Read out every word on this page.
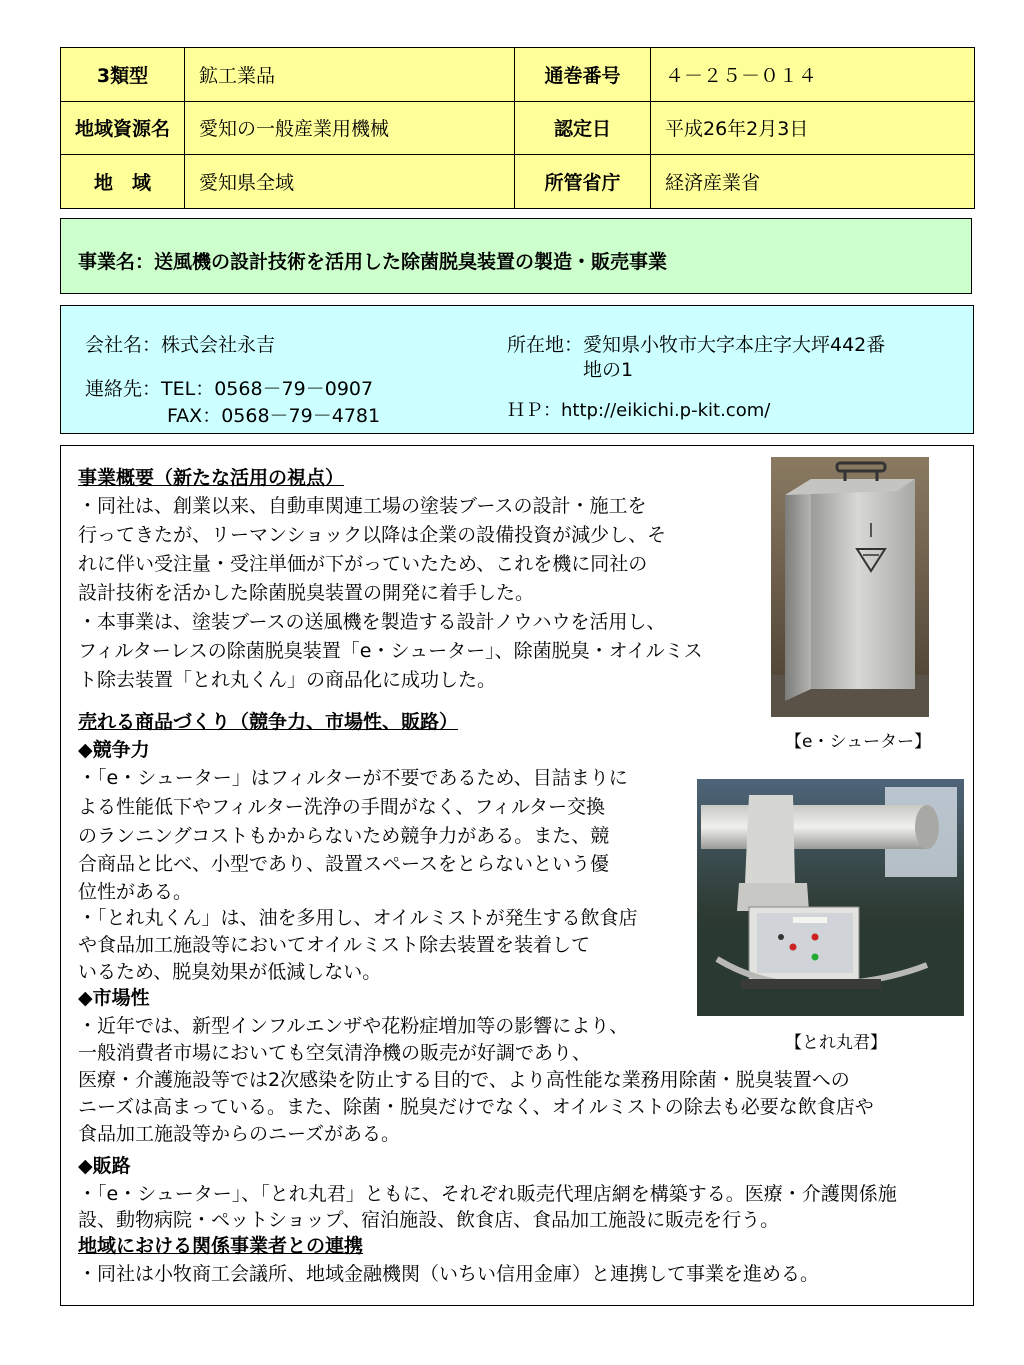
3類型	鉱工業品	通巻番号	４－２５－０１４
地域資源名	愛知の一般産業用機械	認定日	平成26年2月3日
地　域	愛知県全域	所管省庁	経済産業省
事業名：送風機の設計技術を活用した除菌脱臭装置の製造・販売事業
会社名：株式会社永吉
連絡先：TEL：0568－79－0907
FAX：0568－79－4781
所在地：愛知県小牧市大字本庄字大坪442番
地の1
ＨＰ：http://eikichi.p-kit.com/
事業概要（新たな活用の視点）
・同社は、創業以来、自動車関連工場の塗装ブースの設計・施工を
行ってきたが、リーマンショック以降は企業の設備投資が減少し、そ
れに伴い受注量・受注単価が下がっていたため、これを機に同社の
設計技術を活かした除菌脱臭装置の開発に着手した。
・本事業は、塗装ブースの送風機を製造する設計ノウハウを活用し、
フィルターレスの除菌脱臭装置「e・シューター」、除菌脱臭・オイルミス
ト除去装置「とれ丸くん」の商品化に成功した。
売れる商品づくり（競争力、市場性、販路）
◆競争力
・「e・シューター」はフィルターが不要であるため、目詰まりに
よる性能低下やフィルター洗浄の手間がなく、フィルター交換
のランニングコストもかからないため競争力がある。また、競
合商品と比べ、小型であり、設置スペースをとらないという優
位性がある。
・「とれ丸くん」は、油を多用し、オイルミストが発生する飲食店
や食品加工施設等においてオイルミスト除去装置を装着して
いるため、脱臭効果が低減しない。
◆市場性
・近年では、新型インフルエンザや花粉症増加等の影響により、
一般消費者市場においても空気清浄機の販売が好調であり、
医療・介護施設等では2次感染を防止する目的で、より高性能な業務用除菌・脱臭装置への
ニーズは高まっている。また、除菌・脱臭だけでなく、オイルミストの除去も必要な飲食店や
食品加工施設等からのニーズがある。
◆販路
・「e・シューター」、「とれ丸君」ともに、それぞれ販売代理店網を構築する。医療・介護関係施
設、動物病院・ペットショップ、宿泊施設、飲食店、食品加工施設に販売を行う。
地域における関係事業者との連携
・同社は小牧商工会議所、地域金融機関（いちい信用金庫）と連携して事業を進める。
【e・シューター】
【とれ丸君】
